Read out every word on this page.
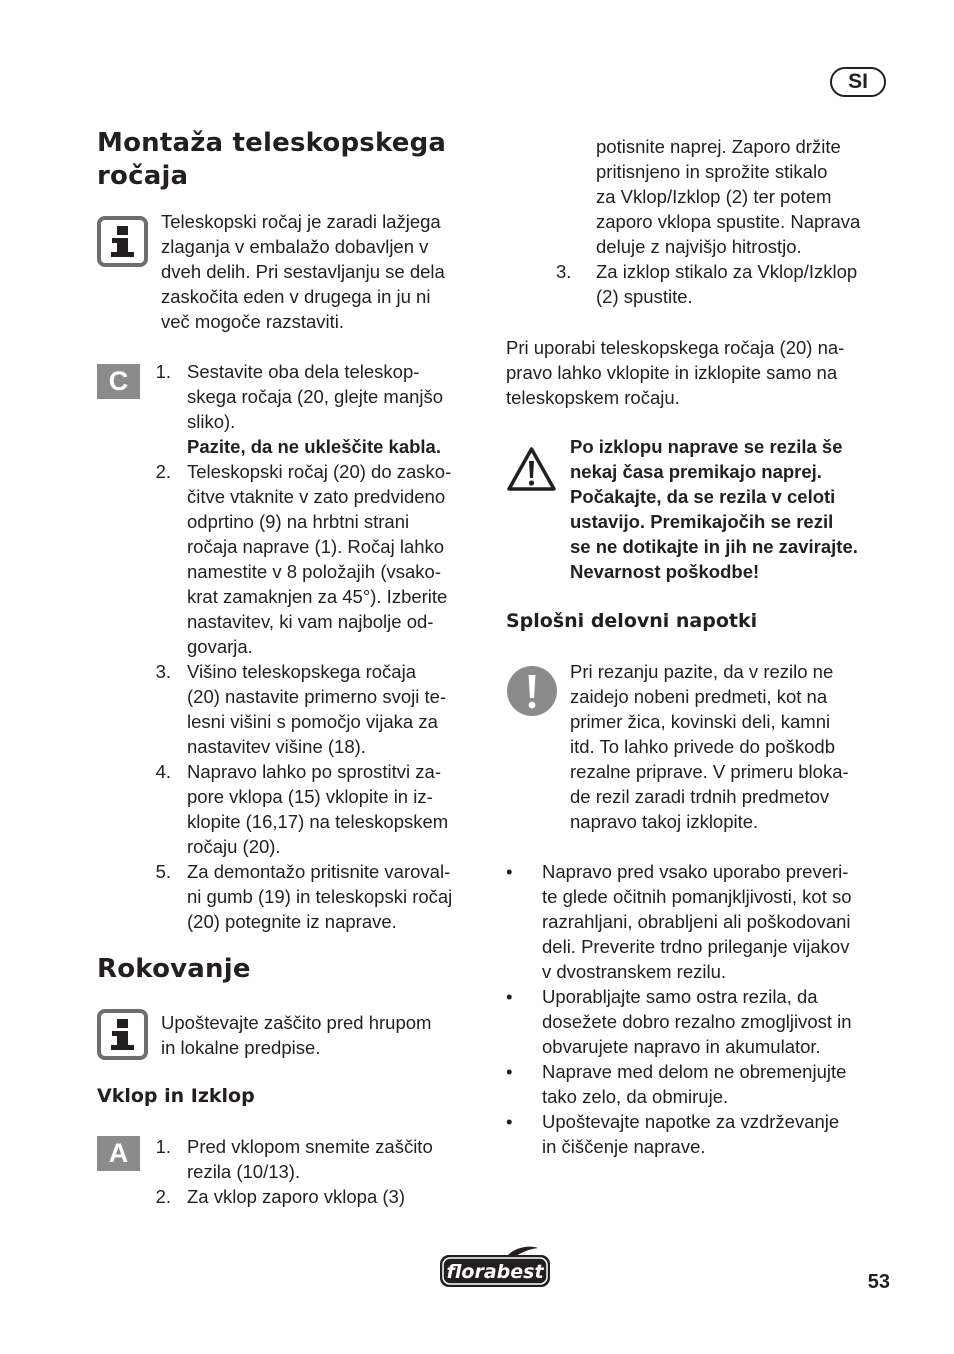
SI
Montaža teleskopskega
ročaja
Teleskopski ročaj je zaradi lažjega
zlaganja v embalažo dobavljen v
dveh delih. Pri sestavljanju se dela
zaskočita eden v drugega in ju ni
več mogoče razstaviti.
C	1. Sestavite oba dela teleskop-
skega ročaja (20, glejte manjšo
sliko).
Pazite, da ne ukleščite kabla.
2. Teleskopski ročaj (20) do zasko-
čitve vtaknite v zato predvideno
odprtino (9) na hrbtni strani
ročaja naprave (1). Ročaj lahko
namestite v 8 položajih (vsako-
krat zamaknjen za 45°). Izberite
nastavitev, ki vam najbolje od-
govarja.
3. Višino teleskopskega ročaja
(20) nastavite primerno svoji te-
lesni višini s pomočjo vijaka za
nastavitev višine (18).
4. Napravo lahko po sprostitvi za-
pore vklopa (15) vklopite in iz-
klopite (16,17) na teleskopskem
ročaju (20).
5. Za demontažo pritisnite varoval-
ni gumb (19) in teleskopski ročaj
(20) potegnite iz naprave.
Rokovanje
Upoštevajte zaščito pred hrupom
in lokalne predpise.
Vklop in Izklop
A	1. Pred vklopom snemite zaščito
rezila (10/13).
2. Za vklop zaporo vklopa (3)
potisnite naprej. Zaporo držite
pritisnjeno in sprožite stikalo
za Vklop/Izklop (2) ter potem
zaporo vklopa spustite. Naprava
deluje z najvišjo hitrostjo.
3. Za izklop stikalo za Vklop/Izklop
(2) spustite.
Pri uporabi teleskopskega ročaja (20) na-
pravo lahko vklopite in izklopite samo na
teleskopskem ročaju.
Po izklopu naprave se rezila še
nekaj časa premikajo naprej.
Počakajte, da se rezila v celoti
ustavijo. Premikajočih se rezil
se ne dotikajte in jih ne zavirajte.
Nevarnost poškodbe!
Splošni delovni napotki
Pri rezanju pazite, da v rezilo ne
zaidejo nobeni predmeti, kot na
primer žica, kovinski deli, kamni
itd. To lahko privede do poškodb
rezalne priprave. V primeru bloka-
de rezil zaradi trdnih predmetov
napravo takoj izklopite.
• Napravo pred vsako uporabo preveri-
te glede očitnih pomanjkljivosti, kot so
razrahljani, obrabljeni ali poškodovani
deli. Preverite trdno prileganje vijakov
v dvostranskem rezilu.
• Uporabljajte samo ostra rezila, da
dosežete dobro rezalno zmogljivost in
obvarujete napravo in akumulator.
• Naprave med delom ne obremenjujte
tako zelo, da obmiruje.
• Upoštevajte napotke za vzdrževanje
in čiščenje naprave.
florabest	53
